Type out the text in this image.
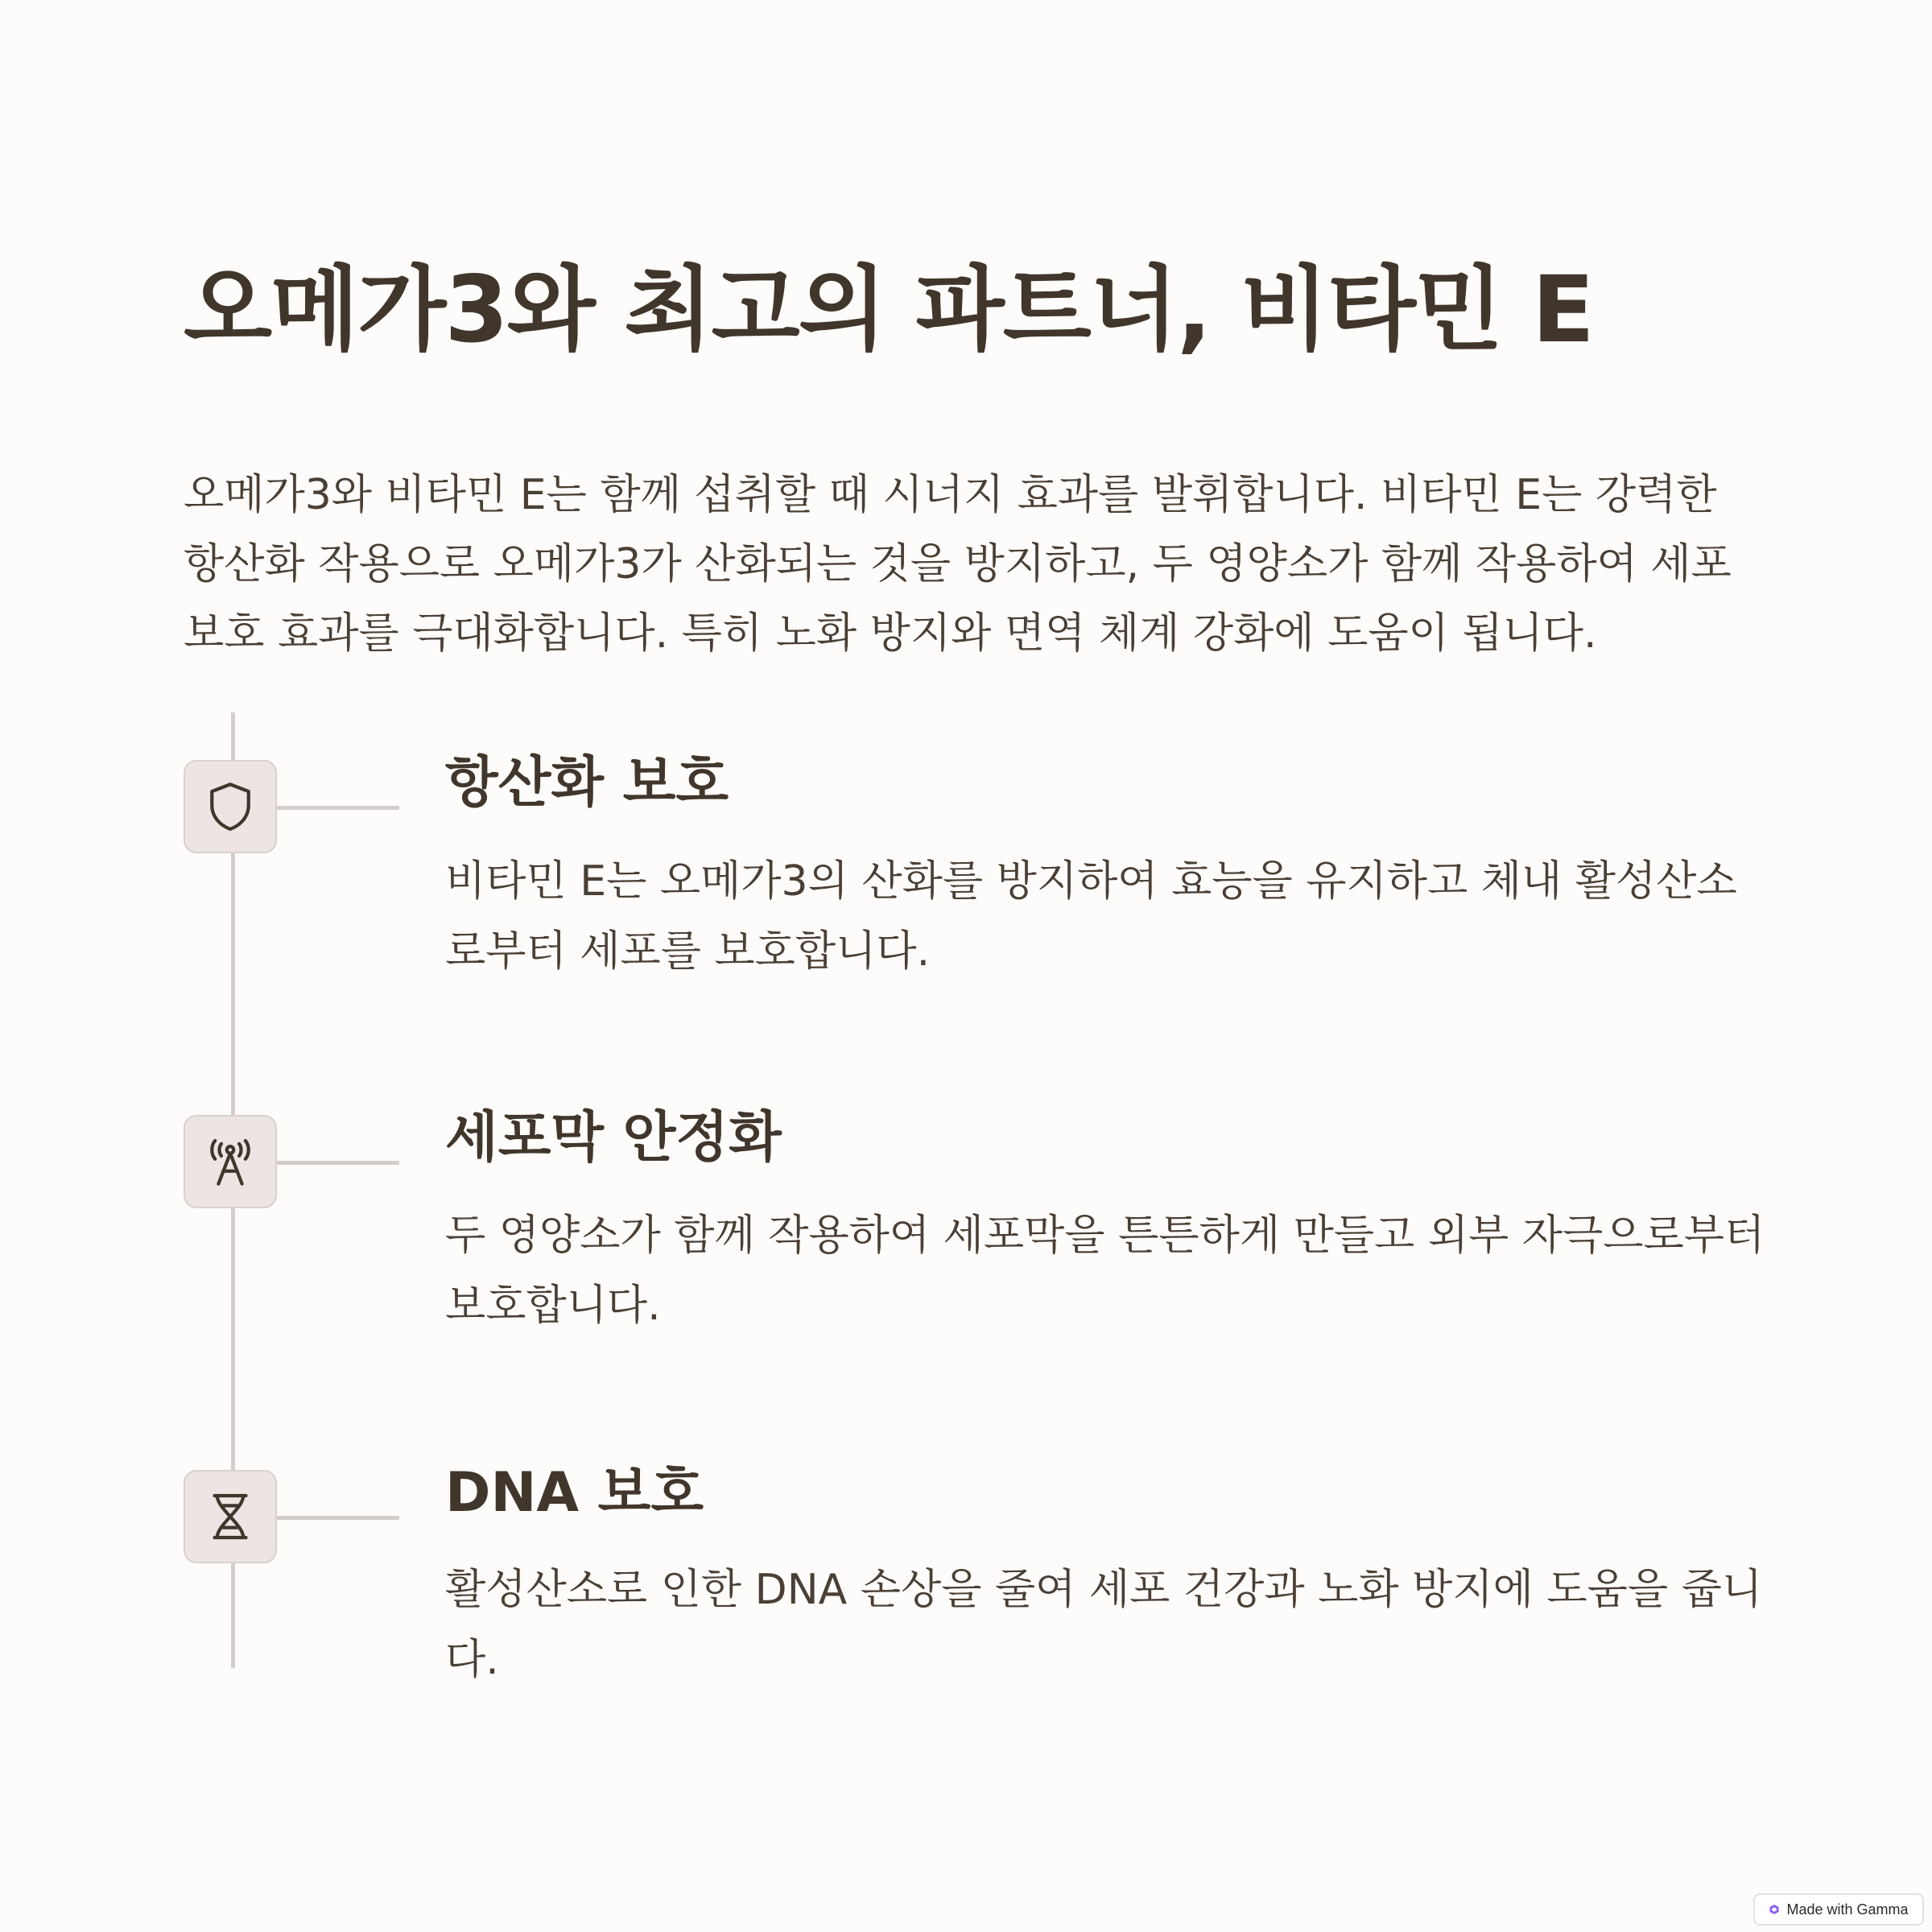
오메가3와 최고의 파트너, 비타민 E

오메가3와 비타민 E는 함께 섭취할 때 시너지 효과를 발휘합니다. 비타민 E는 강력한 항산화 작용으로 오메가3가 산화되는 것을 방지하고, 두 영양소가 함께 작용하여 세포 보호 효과를 극대화합니다. 특히 노화 방지와 면역 체계 강화에 도움이 됩니다.

항산화 보호

비타민 E는 오메가3의 산화를 방지하여 효능을 유지하고 체내 활성산소로부터 세포를 보호합니다.

세포막 안정화

두 영양소가 함께 작용하여 세포막을 튼튼하게 만들고 외부 자극으로부터 보호합니다.

DNA 보호

활성산소로 인한 DNA 손상을 줄여 세포 건강과 노화 방지에 도움을 줍니다.

Made with Gamma
